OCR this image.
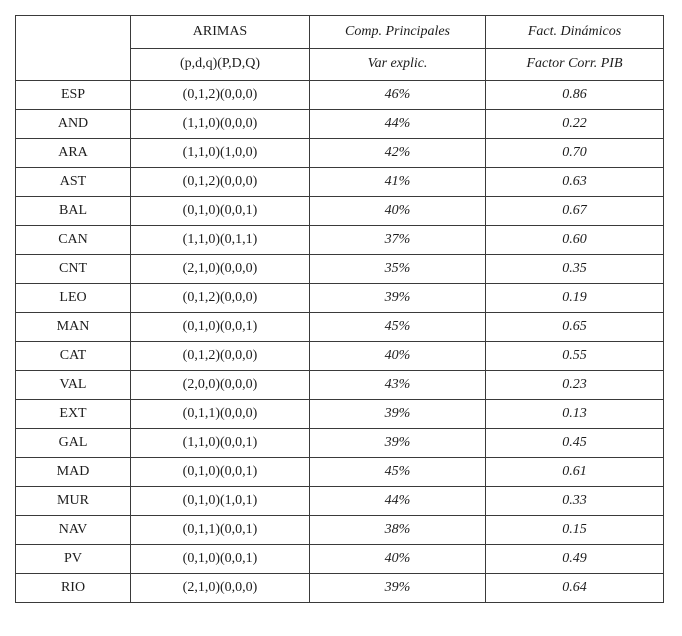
	ARIMAS	Comp. Principales	Fact. Dinámicos
	(p,d,q)(P,D,Q)	Var explic.	Factor Corr. PIB
ESP	(0,1,2)(0,0,0)	46%	0.86
AND	(1,1,0)(0,0,0)	44%	0.22
ARA	(1,1,0)(1,0,0)	42%	0.70
AST	(0,1,2)(0,0,0)	41%	0.63
BAL	(0,1,0)(0,0,1)	40%	0.67
CAN	(1,1,0)(0,1,1)	37%	0.60
CNT	(2,1,0)(0,0,0)	35%	0.35
LEO	(0,1,2)(0,0,0)	39%	0.19
MAN	(0,1,0)(0,0,1)	45%	0.65
CAT	(0,1,2)(0,0,0)	40%	0.55
VAL	(2,0,0)(0,0,0)	43%	0.23
EXT	(0,1,1)(0,0,0)	39%	0.13
GAL	(1,1,0)(0,0,1)	39%	0.45
MAD	(0,1,0)(0,0,1)	45%	0.61
MUR	(0,1,0)(1,0,1)	44%	0.33
NAV	(0,1,1)(0,0,1)	38%	0.15
PV	(0,1,0)(0,0,1)	40%	0.49
RIO	(2,1,0)(0,0,0)	39%	0.64
